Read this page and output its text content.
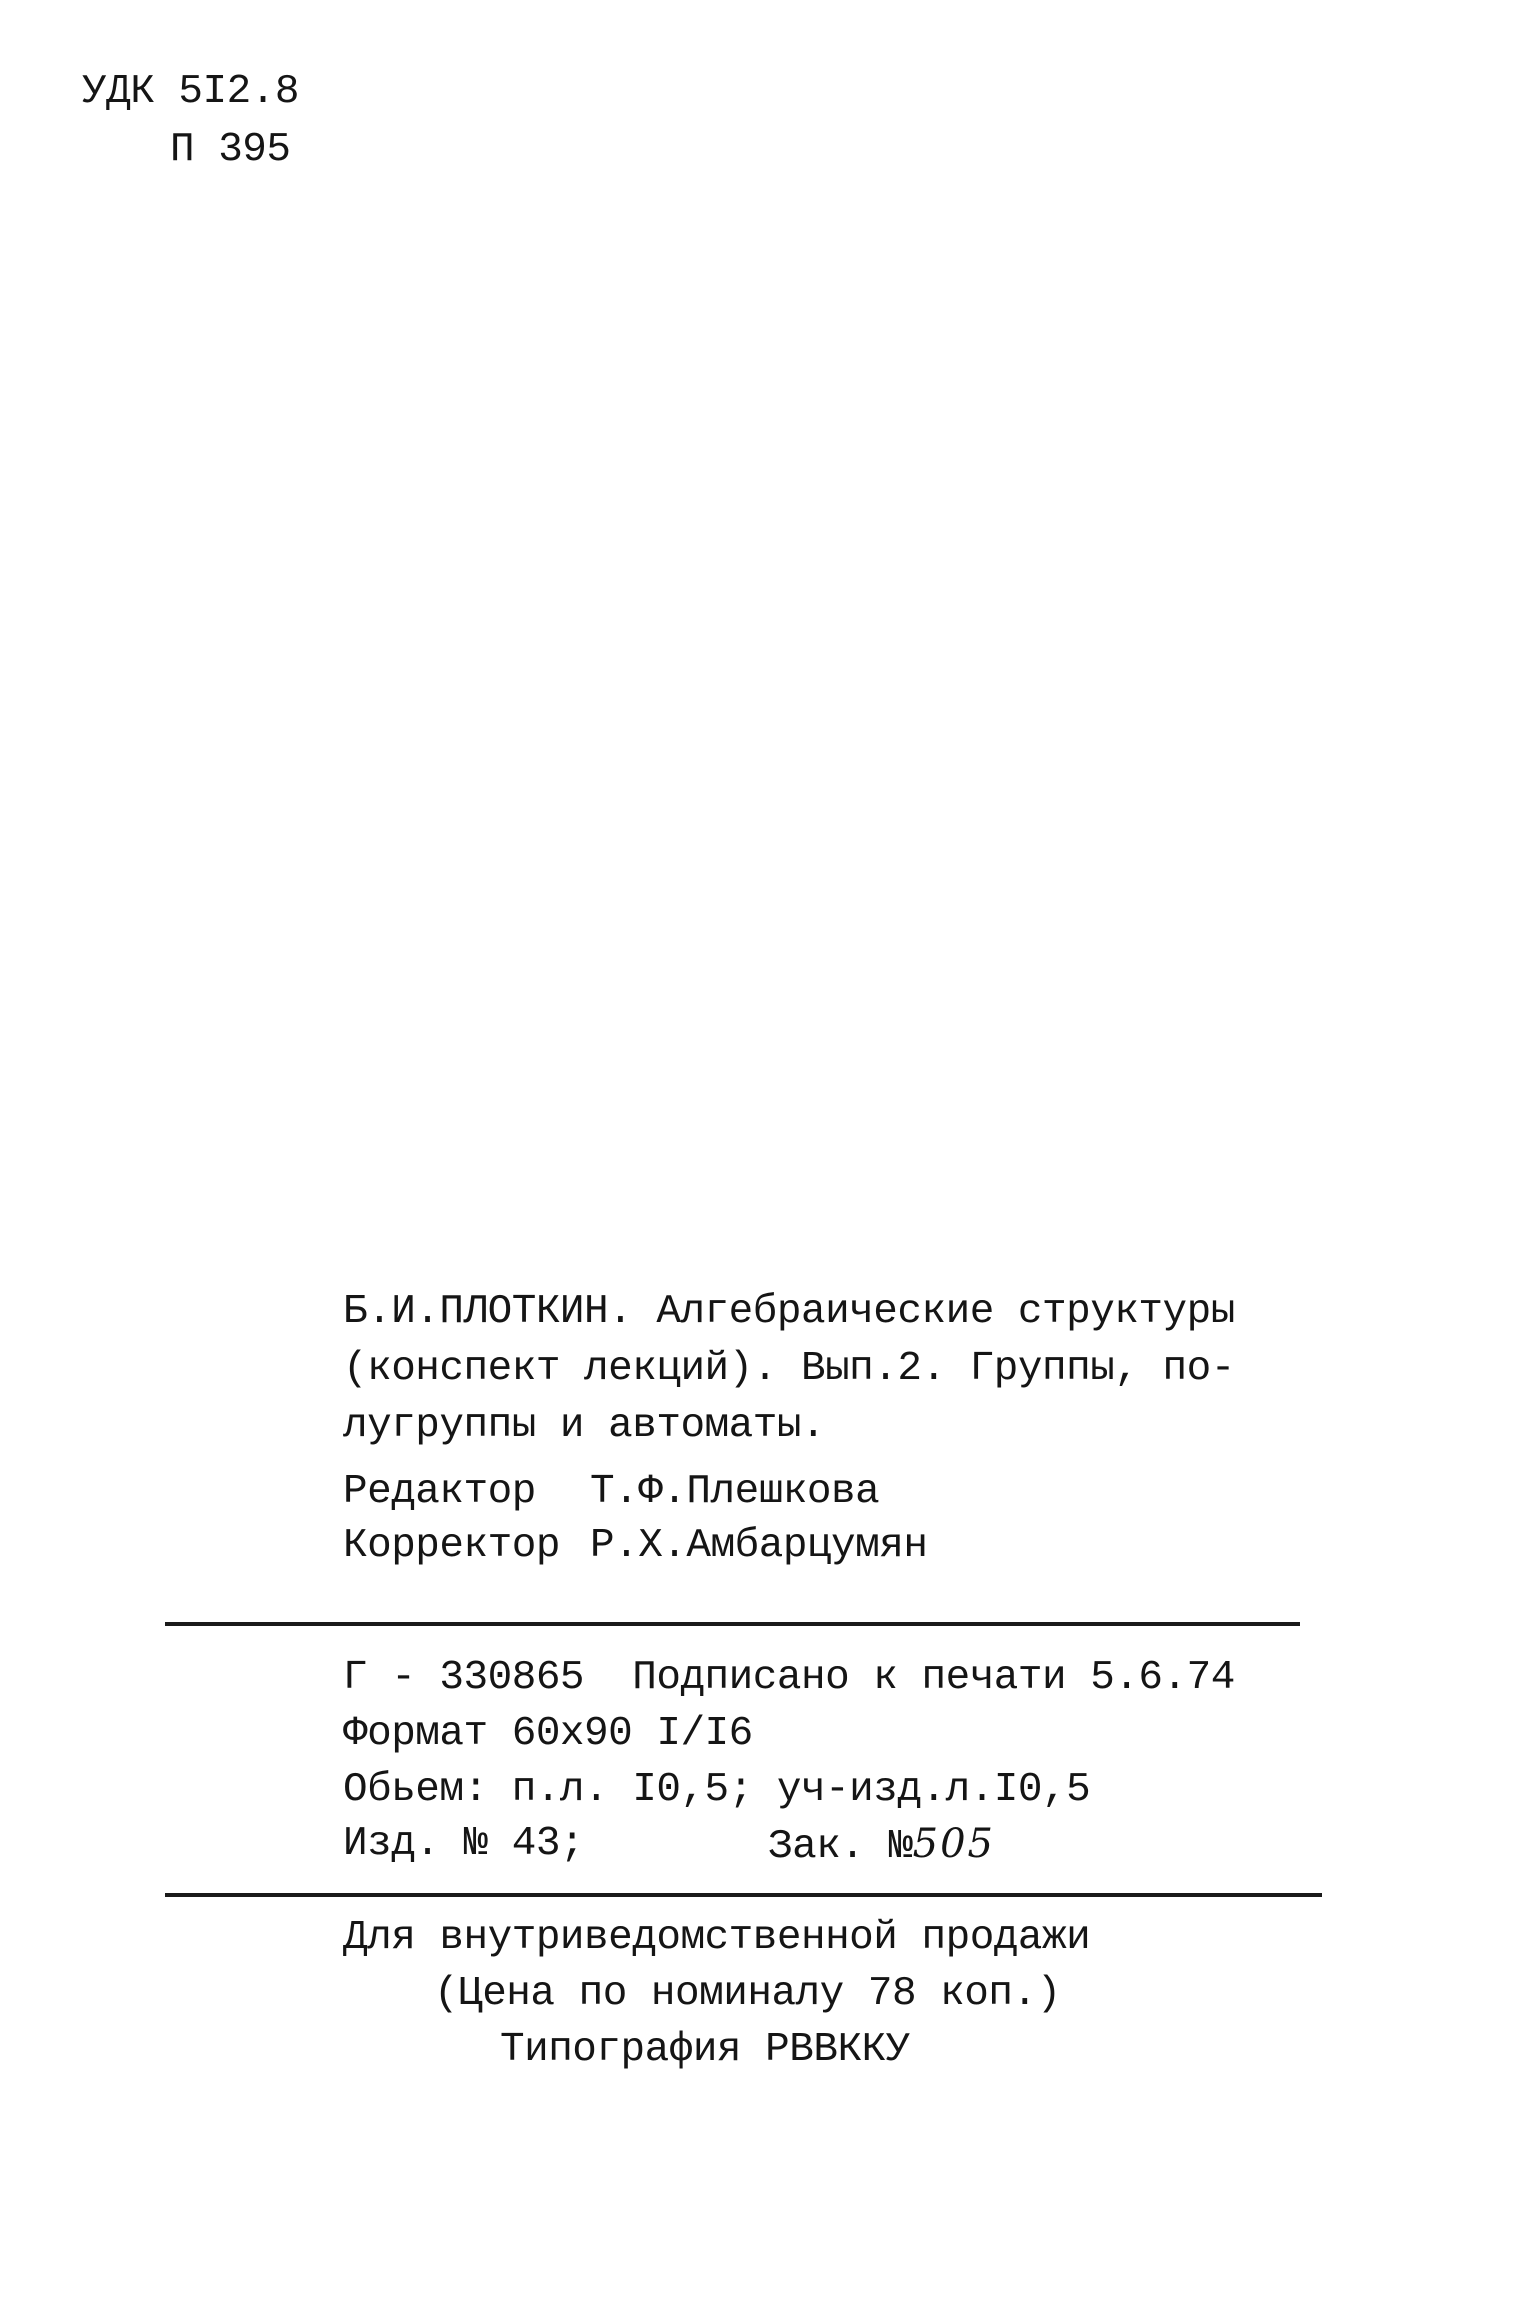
УДК 5I2.8
П 395
Б.И.ПЛОТКИН. Алгебраические структуры
(конспект лекций). Вып.2. Группы, по-
лугруппы и автоматы.
Редактор Т.Ф.Плешкова
Корректор Р.Х.Амбарцумян
Г - 330865  Подписано к печати 5.6.74
Формат 60х90 I/I6
Обьем: п.л. I0,5; уч-изд.л.I0,5
Изд. № 43;	Зак. №505
Для внутриведомственной продажи
(Цена по номиналу 78 коп.)
Типография РВВККУ
